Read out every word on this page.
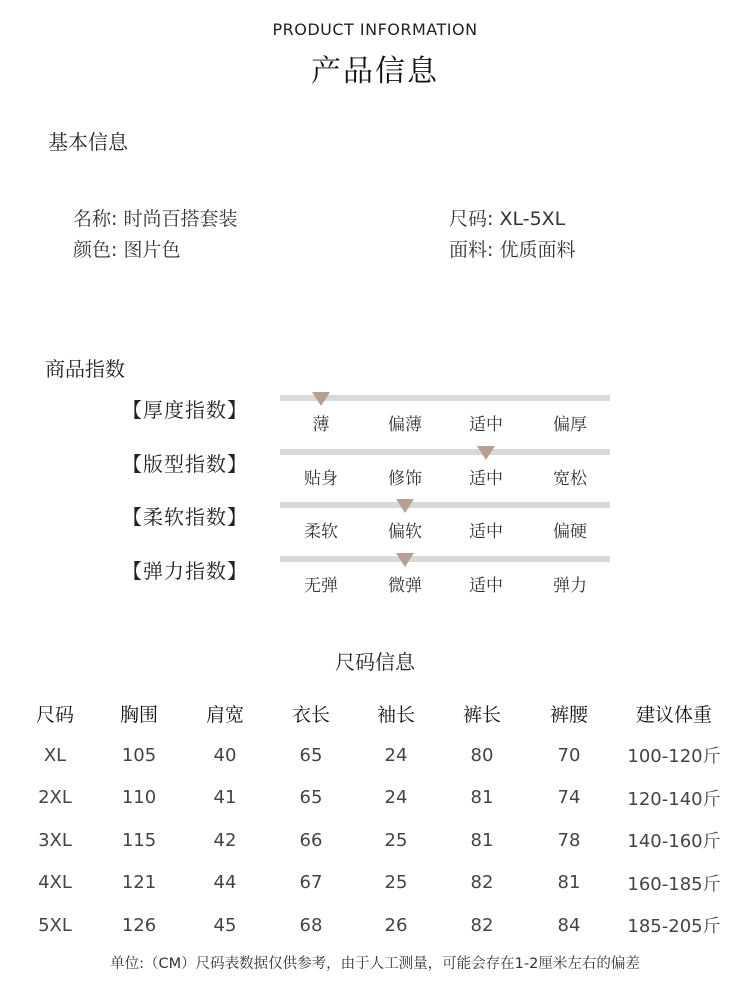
PRODUCT INFORMATION
产品信息
基本信息
名称: 时尚百搭套装
颜色: 图片色
尺码: XL-5XL
面料: 优质面料
商品指数
【厚度指数】
薄	偏薄	适中	偏厚
【版型指数】
贴身	修饰	适中	宽松
【柔软指数】
柔软	偏软	适中	偏硬
【弹力指数】
无弹	微弹	适中	弹力
尺码信息
尺码	胸围	肩宽	衣长	袖长	裤长	裤腰	建议体重
XL	105	40	65	24	80	70	100-120斤
2XL	110	41	65	24	81	74	120-140斤
3XL	115	42	66	25	81	78	140-160斤
4XL	121	44	67	25	82	81	160-185斤
5XL	126	45	68	26	82	84	185-205斤
单位:（CM）尺码表数据仅供参考，由于人工测量，可能会存在1-2厘米左右的偏差
